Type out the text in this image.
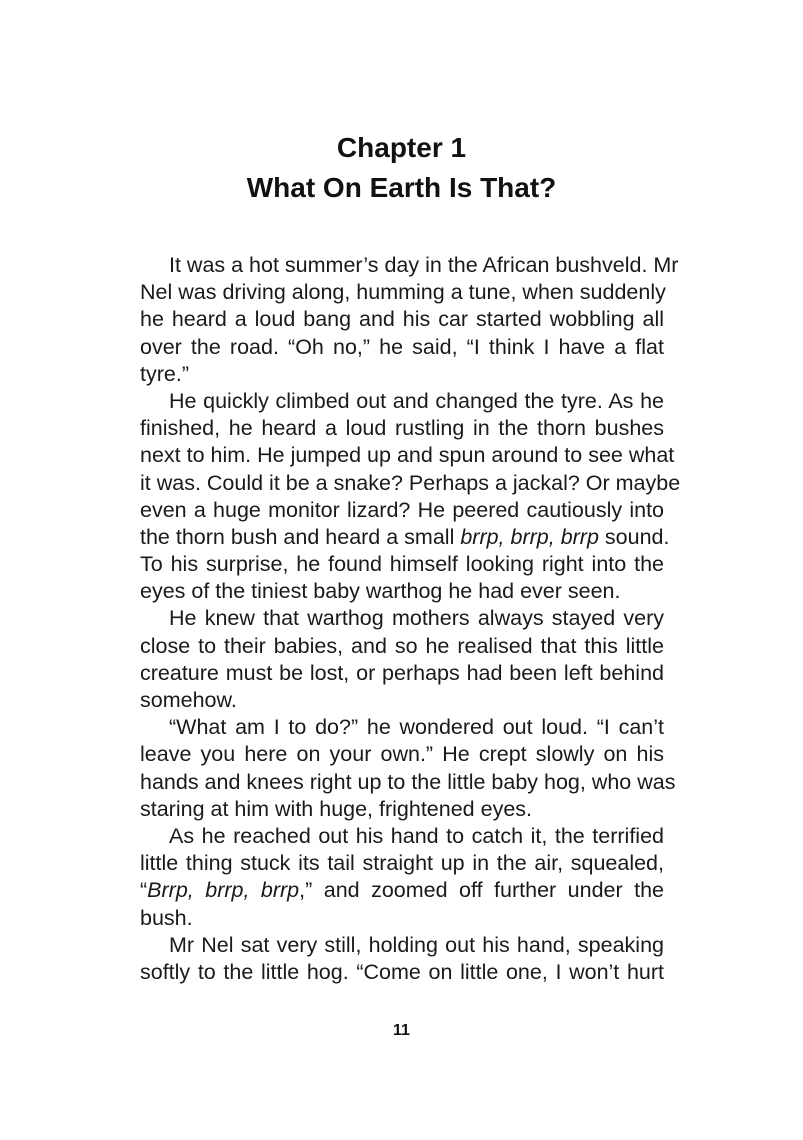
Chapter 1
What On Earth Is That?
It was a hot summer’s day in the African bushveld. Mr
Nel was driving along, humming a tune, when suddenly
he heard a loud bang and his car started wobbling all
over the road. “Oh no,” he said, “I think I have a flat
tyre.”
He quickly climbed out and changed the tyre. As he
finished, he heard a loud rustling in the thorn bushes
next to him. He jumped up and spun around to see what
it was. Could it be a snake? Perhaps a jackal? Or maybe
even a huge monitor lizard? He peered cautiously into
the thorn bush and heard a small brrp, brrp, brrp sound.
To his surprise, he found himself looking right into the
eyes of the tiniest baby warthog he had ever seen.
He knew that warthog mothers always stayed very
close to their babies, and so he realised that this little
creature must be lost, or perhaps had been left behind
somehow.
“What am I to do?” he wondered out loud. “I can’t
leave you here on your own.” He crept slowly on his
hands and knees right up to the little baby hog, who was
staring at him with huge, frightened eyes.
As he reached out his hand to catch it, the terrified
little thing stuck its tail straight up in the air, squealed,
“Brrp, brrp, brrp,” and zoomed off further under the
bush.
Mr Nel sat very still, holding out his hand, speaking
softly to the little hog. “Come on little one, I won’t hurt
11
